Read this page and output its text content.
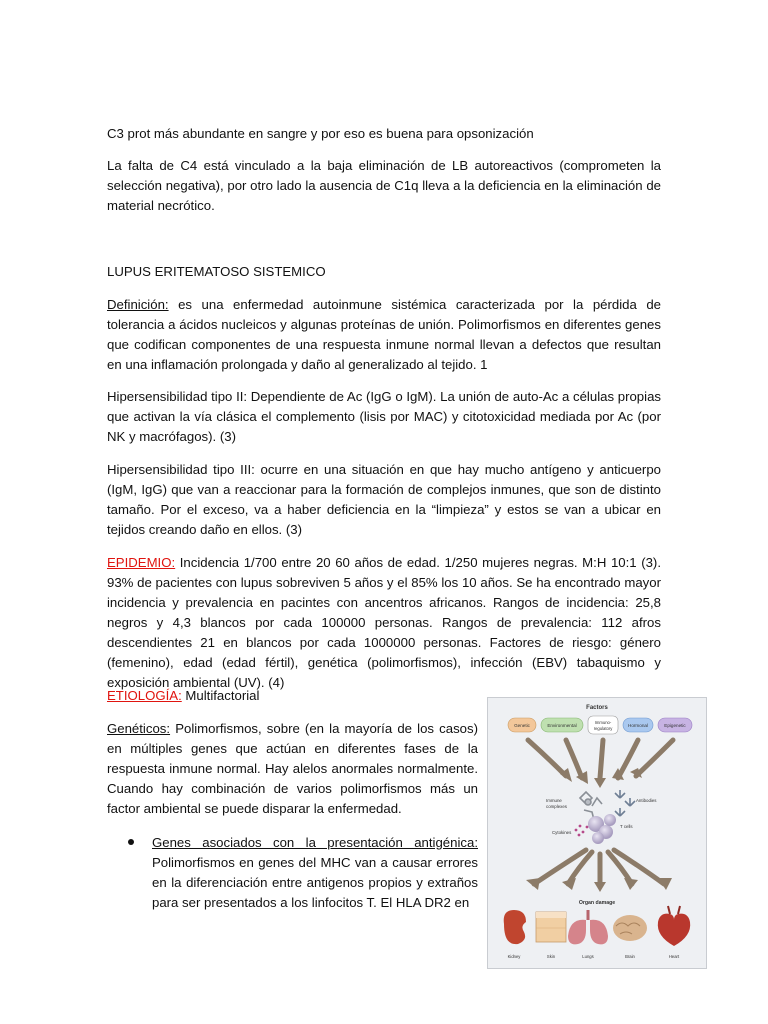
C3 prot más abundante en sangre y por eso es buena para opsonización

La falta de C4 está vinculado a la baja eliminación de LB autoreactivos (comprometen la selección negativa), por otro lado la ausencia de C1q lleva a la deficiencia en la eliminación de material necrótico.

LUPUS ERITEMATOSO SISTEMICO

Definición: es una enfermedad autoinmune sistémica caracterizada por la pérdida de tolerancia a ácidos nucleicos y algunas proteínas de unión. Polimorfismos en diferentes genes que codifican componentes de una respuesta inmune normal llevan a defectos que resultan en una inflamación prolongada y daño al generalizado al tejido. 1

Hipersensibilidad tipo II: Dependiente de Ac (IgG o IgM). La unión de auto-Ac a células propias que activan la vía clásica el complemento (lisis por MAC) y citotoxicidad mediada por Ac (por NK y macrófagos). (3)

Hipersensibilidad tipo III: ocurre en una situación en que hay mucho antígeno y anticuerpo (IgM, IgG) que van a reaccionar para la formación de complejos inmunes, que son de distinto tamaño. Por el exceso, va a haber deficiencia en la “limpieza” y estos se van a ubicar en tejidos creando daño en ellos. (3)

EPIDEMIO: Incidencia 1/700 entre 20 60 años de edad. 1/250 mujeres negras. M:H 10:1 (3). 93% de pacientes con lupus sobreviven 5 años y el 85% los 10 años. Se ha encontrado mayor incidencia y prevalencia en pacintes con ancentros africanos. Rangos de incidencia: 25,8 negros y 4,3 blancos por cada 100000 personas. Rangos de prevalencia: 112 afros descendientes 21 en blancos por cada 1000000 personas. Factores de riesgo: género (femenino), edad (edad fértil), genética (polimorfismos), infección (EBV) tabaquismo y exposición ambiental (UV). (4)

ETIOLOGÍA: Multifactorial

Genéticos: Polimorfismos, sobre (en la mayoría de los casos) en múltiples genes que actúan en diferentes fases de la respuesta inmune normal. Hay alelos anormales normalmente. Cuando hay combinación de varios polimorfismos más un factor ambiental se puede disparar la enfermedad.

Genes asociados con la presentación antigénica: Polimorfismos en genes del MHC van a causar errores en la diferenciación entre antigenos propios y extraños para ser presentados a los linfocitos T. El HLA DR2 en
Factors
Genetic	Environmental
Immuno-
regulatory
Hormonal	Epigenetic
Immune
complexes
Antibodies
Cytokines
T cells
Organ damage
Kidney	Skin	Lungs	Brain	Heart
